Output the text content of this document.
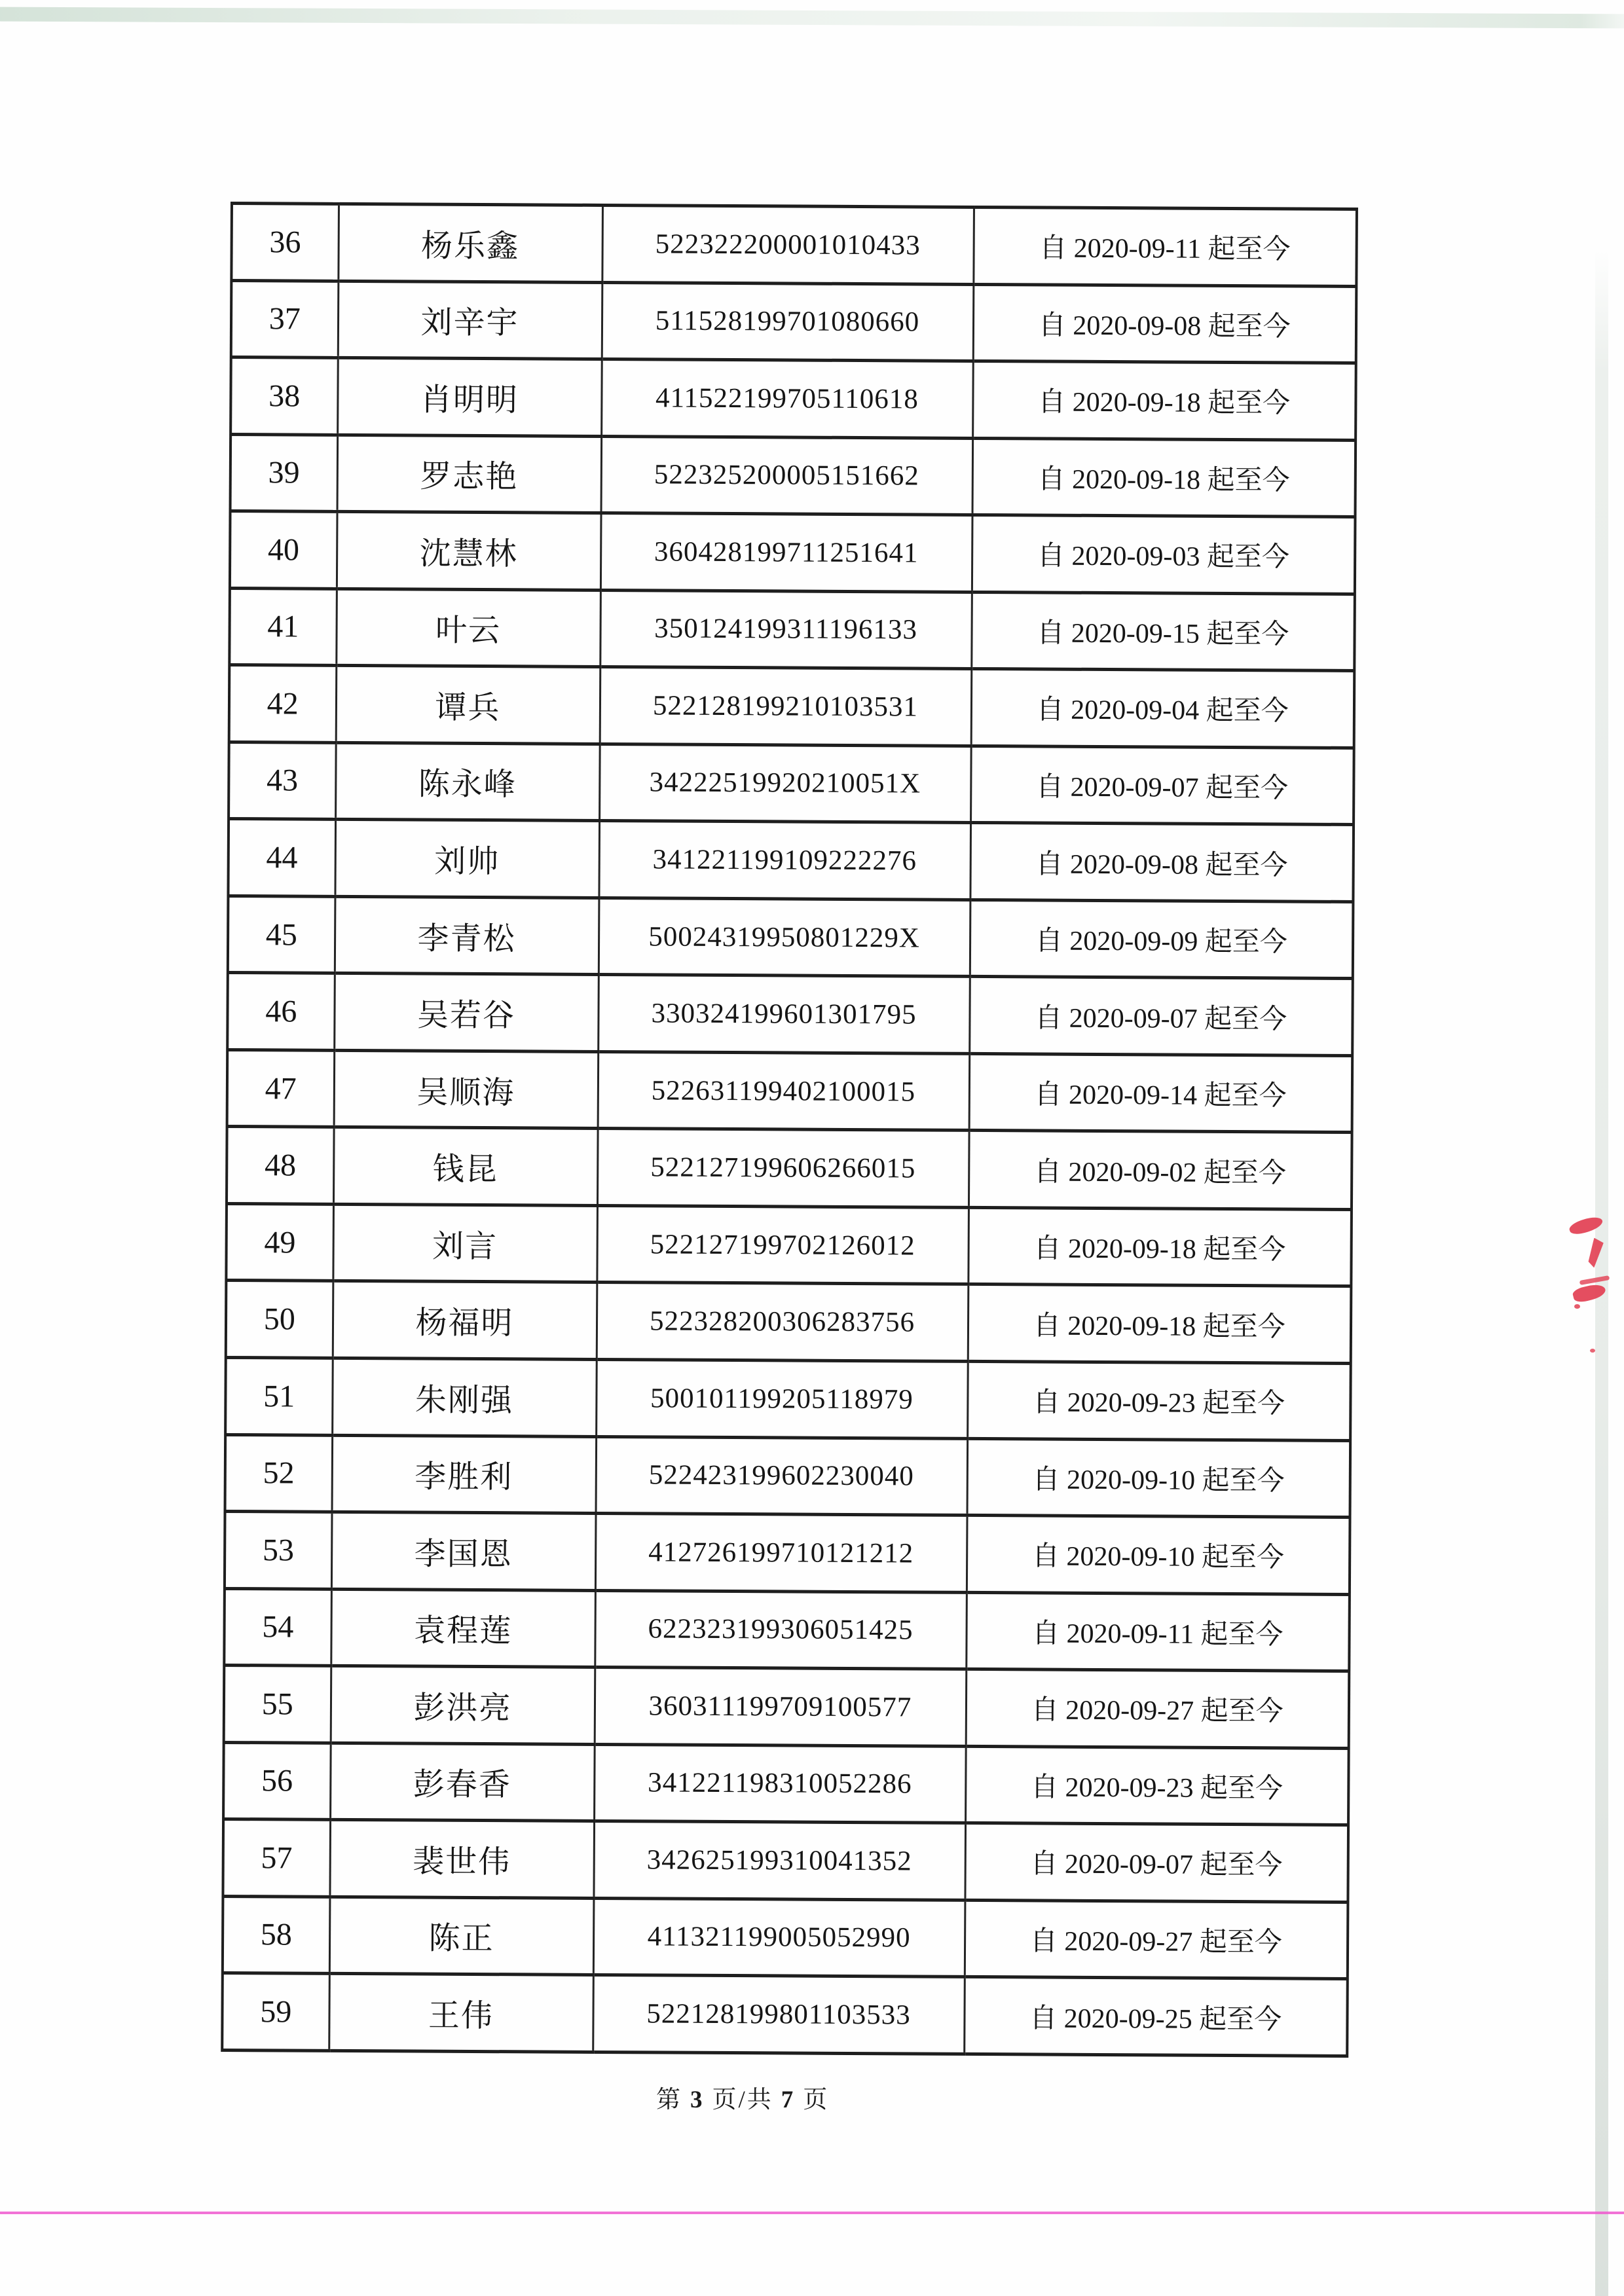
36	杨乐鑫	522322200001010433	自 2020-09-11 起至今
37	刘辛宇	511528199701080660	自 2020-09-08 起至今
38	肖明明	411522199705110618	自 2020-09-18 起至今
39	罗志艳	522325200005151662	自 2020-09-18 起至今
40	沈慧林	360428199711251641	自 2020-09-03 起至今
41	叶云	350124199311196133	自 2020-09-15 起至今
42	谭兵	522128199210103531	自 2020-09-04 起至今
43	陈永峰	34222519920210051X	自 2020-09-07 起至今
44	刘帅	341221199109222276	自 2020-09-08 起至今
45	李青松	50024319950801229X	自 2020-09-09 起至今
46	吴若谷	330324199601301795	自 2020-09-07 起至今
47	吴顺海	522631199402100015	自 2020-09-14 起至今
48	钱昆	522127199606266015	自 2020-09-02 起至今
49	刘言	522127199702126012	自 2020-09-18 起至今
50	杨福明	522328200306283756	自 2020-09-18 起至今
51	朱刚强	500101199205118979	自 2020-09-23 起至今
52	李胜利	522423199602230040	自 2020-09-10 起至今
53	李国恩	412726199710121212	自 2020-09-10 起至今
54	袁程莲	622323199306051425	自 2020-09-11 起至今
55	彭洪亮	360311199709100577	自 2020-09-27 起至今
56	彭春香	341221198310052286	自 2020-09-23 起至今
57	裴世伟	342625199310041352	自 2020-09-07 起至今
58	陈正	411321199005052990	自 2020-09-27 起至今
59	王伟	522128199801103533	自 2020-09-25 起至今
第 3 页/共 7 页
